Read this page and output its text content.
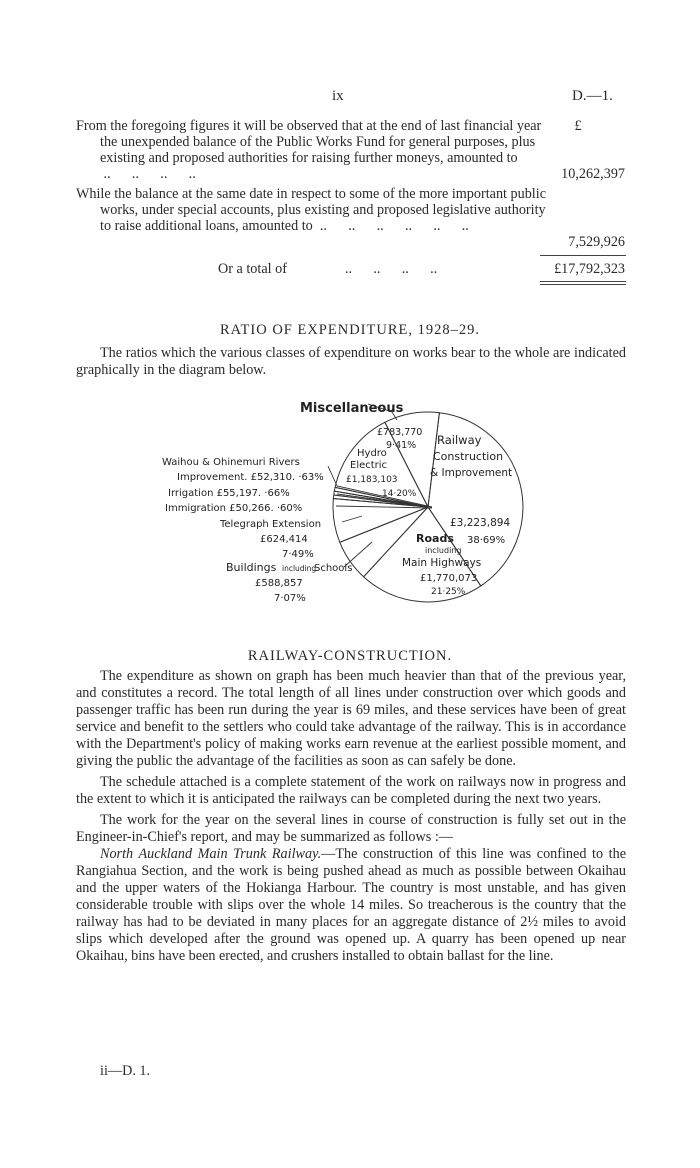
ix	D.—1.
£
From the foregoing figures it will be observed that at the end of last financial year the unexpended balance of the Public Works Fund for general purposes, plus existing and proposed authorities for raising further moneys, amounted to ..      ..      ..      ..	10,262,397
While the balance at the same date in respect to some of the more important public works, under special accounts, plus existing and proposed legislative authority to raise additional loans, amounted to  ..      ..      ..      ..      ..      ..
7,529,926
Or a total of	..      ..      ..      ..	£17,792,323
RATIO OF EXPENDITURE, 1928–29.

The ratios which the various classes of expenditure on works bear to the whole are indicated graphically in the diagram below.

Miscellaneous
£783,770
9·41%
Hydro
Electric
£1,183,103
14·20%
Railway
Construction
& Improvement
£3,223,894
38·69%
Roads
including
Main Highways
£1,770,073
21·25%
Waihou & Ohinemuri Rivers
Improvement. £52,310. ·63%
Irrigation £55,197. ·66%
Immigration £50,266. ·60%
Telegraph Extension
£624,414
7·49%
Buildings including
Schools
£588,857
7·07%
RAILWAY-CONSTRUCTION.

The expenditure as shown on graph has been much heavier than that of the previous year, and constitutes a record. The total length of all lines under construction over which goods and passenger traffic has been run during the year is 69 miles, and these services have been of great service and benefit to the settlers who could take advantage of the railway. This is in accordance with the Department's policy of making works earn revenue at the earliest possible moment, and giving the public the advantage of the facilities as soon as can safely be done.

The schedule attached is a complete statement of the work on railways now in progress and the extent to which it is anticipated the railways can be completed during the next two years.

The work for the year on the several lines in course of construction is fully set out in the Engineer-in-Chief's report, and may be summarized as follows :—

North Auckland Main Trunk Railway.—The construction of this line was confined to the Rangiahua Section, and the work is being pushed ahead as much as possible between Okaihau and the upper waters of the Hokianga Harbour. The country is most unstable, and has given considerable trouble with slips over the whole 14 miles. So treacherous is the country that the railway has had to be deviated in many places for an aggregate distance of 2½ miles to avoid slips which developed after the ground was opened up. A quarry has been opened up near Okaihau, bins have been erected, and crushers installed to obtain ballast for the line.

ii—D. 1.
